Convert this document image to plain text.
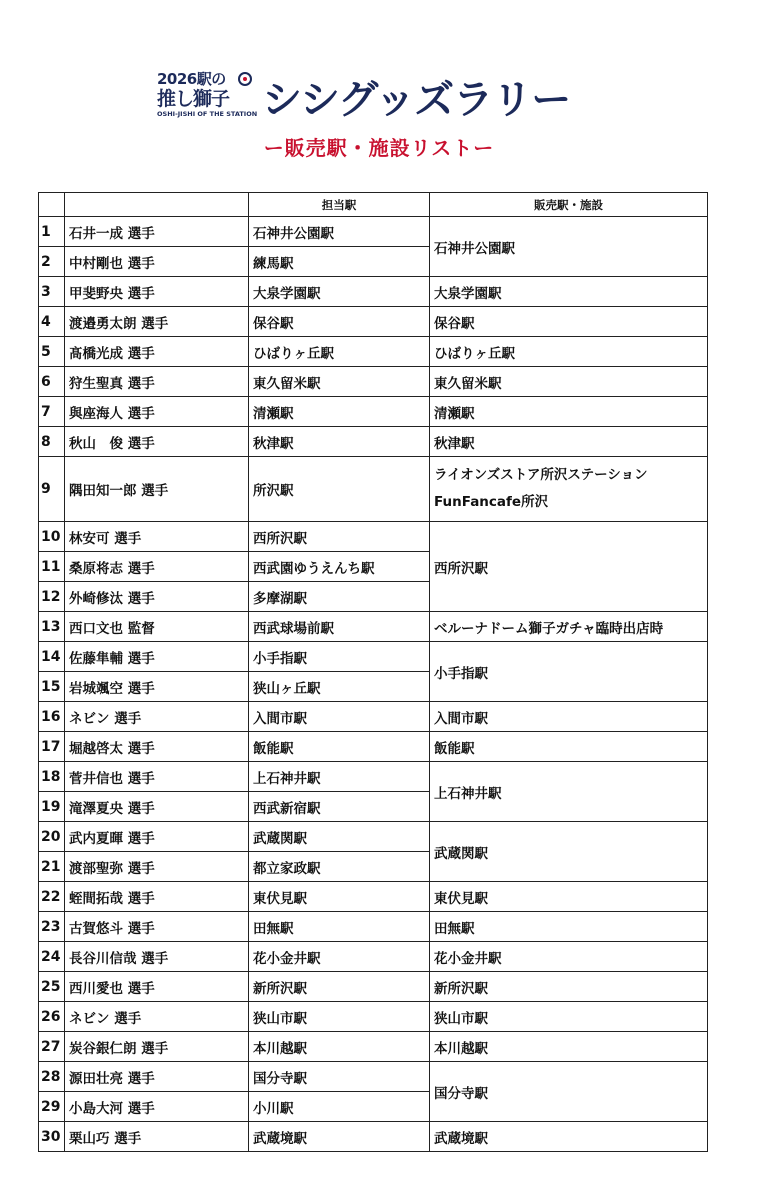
2026駅の
推し獅子
OSHI-JISHI OF THE STATION シシグッズラリー
ー販売駅・施設リストー
		担当駅	販売駅・施設
1	石井一成 選手	石神井公園駅	石神井公園駅
2	中村剛也 選手	練馬駅	
3	甲斐野央 選手	大泉学園駅	大泉学園駅
4	渡邉勇太朗 選手	保谷駅	保谷駅
5	髙橋光成 選手	ひばりヶ丘駅	ひばりヶ丘駅
6	狩生聖真 選手	東久留米駅	東久留米駅
7	與座海人 選手	清瀬駅	清瀬駅
8	秋山　俊 選手	秋津駅	秋津駅
9	隅田知一郎 選手	所沢駅	ライオンズストア所沢ステーション FunFancafe所沢
10	林安可 選手	西所沢駅	西所沢駅
11	桑原将志 選手	西武園ゆうえんち駅	
12	外崎修汰 選手	多摩湖駅	
13	西口文也 監督	西武球場前駅	ベルーナドーム獅子ガチャ臨時出店時
14	佐藤隼輔 選手	小手指駅	小手指駅
15	岩城颯空 選手	狭山ヶ丘駅	
16	ネビン 選手	入間市駅	入間市駅
17	堀越啓太 選手	飯能駅	飯能駅
18	菅井信也 選手	上石神井駅	上石神井駅
19	滝澤夏央 選手	西武新宿駅	
20	武内夏暉 選手	武蔵関駅	武蔵関駅
21	渡部聖弥 選手	都立家政駅	
22	蛭間拓哉 選手	東伏見駅	東伏見駅
23	古賀悠斗 選手	田無駅	田無駅
24	長谷川信哉 選手	花小金井駅	花小金井駅
25	西川愛也 選手	新所沢駅	新所沢駅
26	ネビン 選手	狭山市駅	狭山市駅
27	炭谷銀仁朗 選手	本川越駅	本川越駅
28	源田壮亮 選手	国分寺駅	国分寺駅
29	小島大河 選手	小川駅	
30	栗山巧 選手	武蔵境駅	武蔵境駅
